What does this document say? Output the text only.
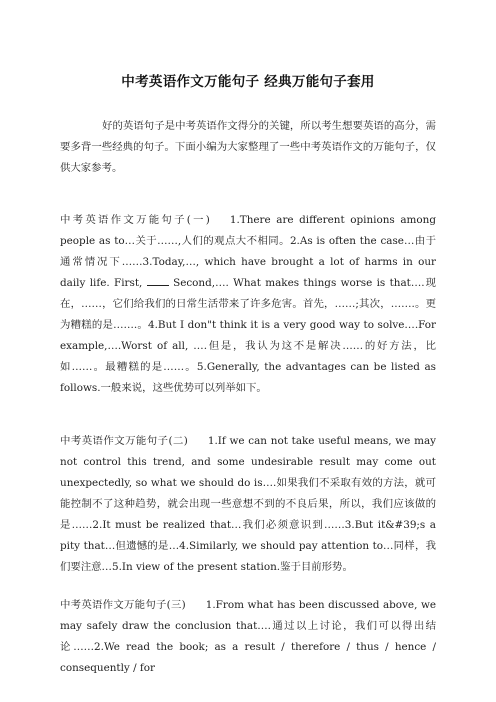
中考英语作文万能句子 经典万能句子套用
好的英语句子是中考英语作文得分的关键，所以考生想要英语的高分，需要多背一些经典的句子。下面小编为大家整理了一些中考英语作文的万能句子，仅供大家参考。
中考英语作文万能句子(一) 1.There are different opinions among people as to…关于……,人们的观点大不相同。2.As is often the case…由于通常情况下……3.Today,…, which have brought a lot of harms in our daily life. First,	Second,…. What makes things worse is that….现在，……，它们给我们的日常生活带来了许多危害。首先，……;其次，…….。更为糟糕的是…….。4.But I don"t think it is a very good way to solve….For example,….Worst of all, ….但是，我认为这不是解决……的好方法，比如……。最糟糕的是……。5.Generally, the advantages can be listed as follows.一般来说，这些优势可以列举如下。
中考英语作文万能句子(二) 1.If we can not take useful means, we may not control this trend, and some undesirable result may come out unexpectedly, so what we should do is….如果我们不采取有效的方法，就可能控制不了这种趋势，就会出现一些意想不到的不良后果，所以，我们应该做的是……2.It must be realized that…我们必须意识到……3.But it&#39;s a pity that…但遗憾的是…4.Similarly, we should pay attention to…同样，我们要注意…5.In view of the present station.鉴于目前形势。
中考英语作文万能句子(三) 1.From what has been discussed above, we may safely draw the conclusion that….通过以上讨论，我们可以得出结论……2.We read the book; as a result / therefore / thus / hence / consequently / for
